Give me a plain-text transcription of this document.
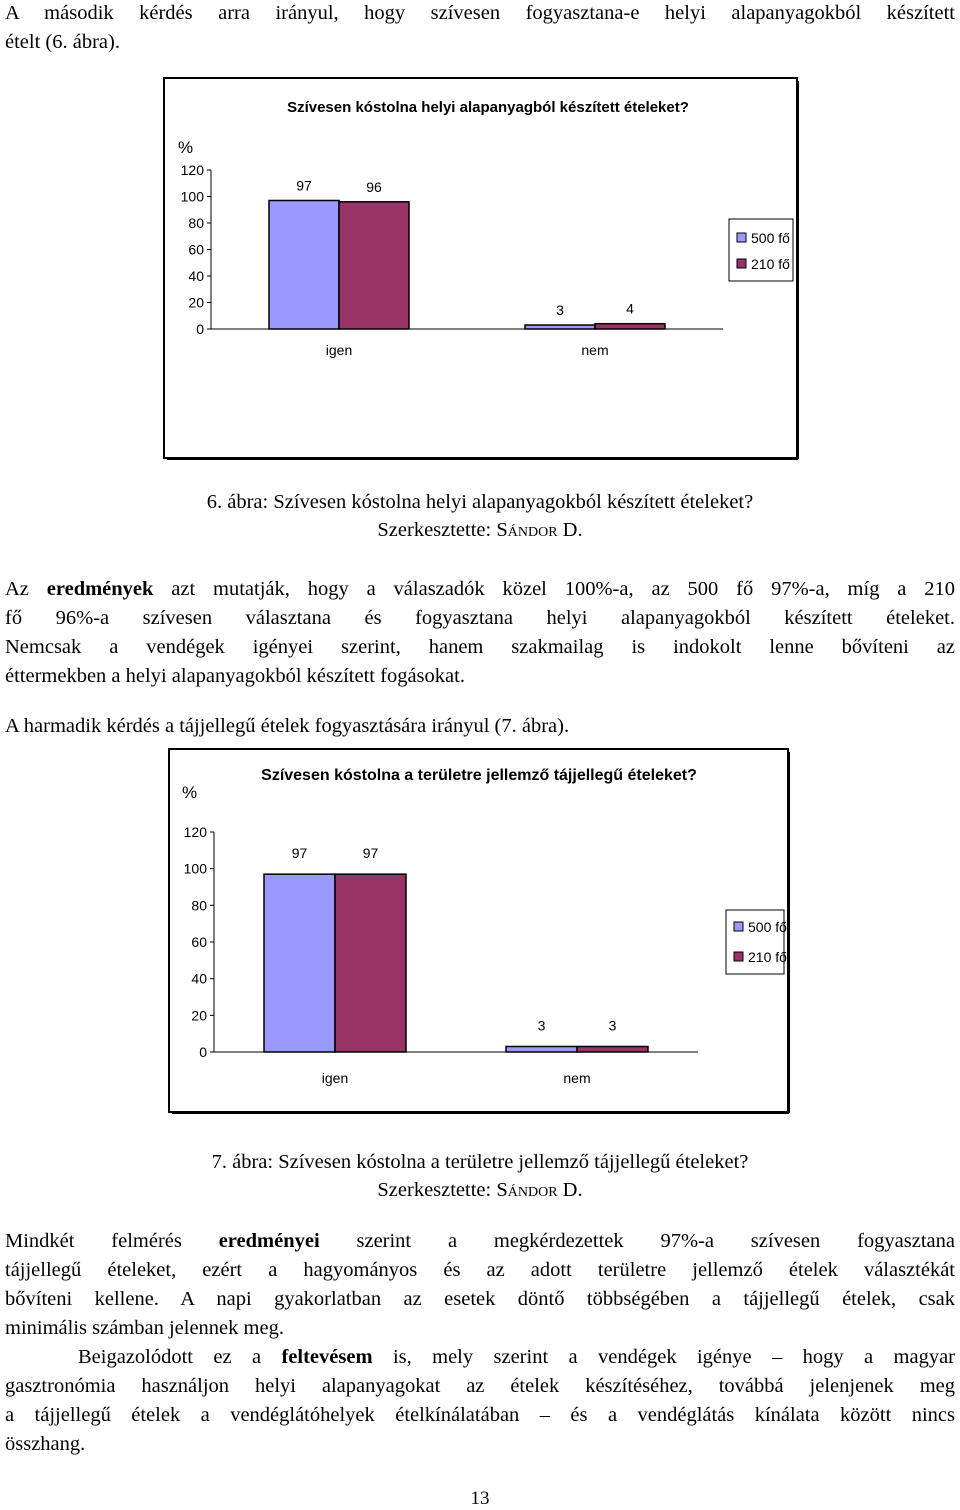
A második kérdés arra irányul, hogy szívesen fogyasztana-e helyi alapanyagokból készített
ételt (6. ábra).
Szívesen kóstolna helyi alapanyagból készített ételeket?
%
0
20
40
60
80
100
120
97	96
igen
3	4
nem
500 fő
210 fő
6. ábra: Szívesen kóstolna helyi alapanyagokból készített ételeket?
Szerkesztette: Sándor D.
Az eredmények azt mutatják, hogy a válaszadók közel 100%-a, az 500 fő 97%-a, míg a 210
fő 96%-a szívesen választana és fogyasztana helyi alapanyagokból készített ételeket.
Nemcsak a vendégek igényei szerint, hanem szakmailag is indokolt lenne bővíteni az
éttermekben a helyi alapanyagokból készített fogásokat.
A harmadik kérdés a tájjellegű ételek fogyasztására irányul (7. ábra).
Szívesen kóstolna a területre jellemző tájjellegű ételeket?
%
0
20
40
60
80
100
120
97	97
igen
3	3
nem
500 fő
210 fő
7. ábra: Szívesen kóstolna a területre jellemző tájjellegű ételeket?
Szerkesztette: Sándor D.
Mindkét felmérés eredményei szerint a megkérdezettek 97%-a szívesen fogyasztana
tájjellegű ételeket, ezért a hagyományos és az adott területre jellemző ételek választékát
bővíteni kellene. A napi gyakorlatban az esetek döntő többségében a tájjellegű ételek, csak
minimális számban jelennek meg.
Beigazolódott ez a feltevésem is, mely szerint a vendégek igénye – hogy a magyar
gasztronómia használjon helyi alapanyagokat az ételek készítéséhez, továbbá jelenjenek meg
a tájjellegű ételek a vendéglátóhelyek ételkínálatában – és a vendéglátás kínálata között nincs
összhang.
13
